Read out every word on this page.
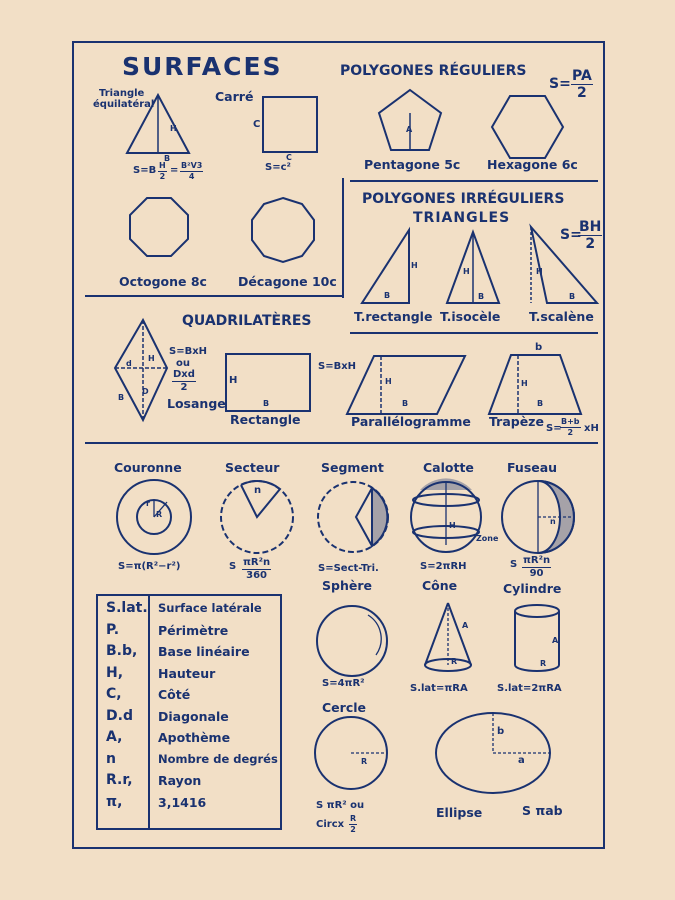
SURFACES	POLYGONES RÉGULIERS
$S= \frac{PA}{2}$
Triangle
équilatéral
H
B
$S=B \frac{H}{2} = \frac{\text{B²V3}}{4}$
Carré
C
C
S=c²
A
Pentagone 5c Hexagone 6c
Octogone 8c Décagone 10c
POLYGONES IRRÉGULIERS
TRIANGLES
S=
$\frac{BH}{2}$
H
B
H
B
H
B
T.rectangle T.isocèle T.scalène
QUADRILATÈRES
S=BxH
ou
Dxd
2
Losange
d
D
H
B
H
B
Rectangle
S=BxH
H
B
Parallélogramme
b
H
B
Trapèze S=
$\frac{B+b}{2}$ xH
Couronne
r
R
S=π(R²−r²)
Secteur
n
S $\frac{\text{πR²n}}{360}$
Segment
S=Sect-Tri.
Calotte
H
Zone
S=2πRH
Fuseau
n
S $\frac{\text{πR²n}}{90}$
S.lat. Surface latérale
P.	Périmètre
B.b, Base linéaire
H,	Hauteur
C,	Côté
D.d Diagonale
A,	Apothème
n	Nombre de degrés
R.r, Rayon
π,	3,1416
Sphère
S=4πR²
Cône
A
R
S.lat=πRA
Cylindre
A
R
S.lat=2πRA
Cercle
R
S πR² ou
Circx $\frac{R}{2}$
b
a
Ellipse	S πab
